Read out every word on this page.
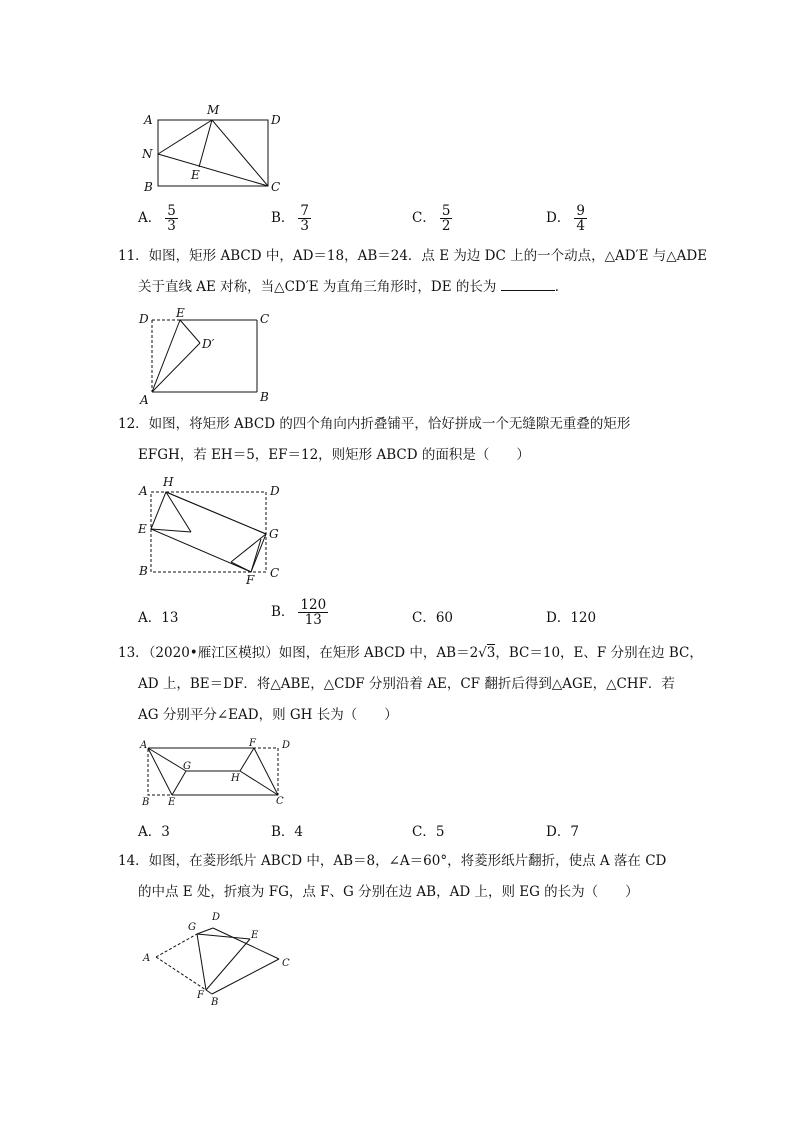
A
M
D
N
E
B	C
A． $\frac{5}{3}$	B． $\frac{7}{3}$	C． $\frac{5}{2}$	D． $\frac{9}{4}$
11．如图，矩形 ABCD 中，AD＝18，AB＝24．点 E 为边 DC 上的一个动点，△AD′E 与△ADE
关于直线 AE 对称，当△CD′E 为直角三角形时，DE 的长为	．
D E	C
D′
A	B
12．如图，将矩形 ABCD 的四个角向内折叠铺平，恰好拼成一个无缝隙无重叠的矩形
EFGH，若 EH＝5，EF＝12，则矩形 ABCD 的面积是（　　）
A
H
D
E	G
B
F C
A．13	B． $\frac{120}{13}$	C．60	D．120
13．（2020•雁江区模拟）如图，在矩形 ABCD 中，AB＝2√3，BC＝10，E、F 分别在边 BC，
AD 上，BE＝DF．将△ABE，△CDF 分别沿着 AE，CF 翻折后得到△AGE，△CHF．若
AG 分别平分∠EAD，则 GH 长为（　　）
A	F	D
G
H
B E	C
A．3	B．4	C．5	D．7
14．如图，在菱形纸片 ABCD 中，AB＝8，∠A＝60°，将菱形纸片翻折，使点 A 落在 CD
的中点 E 处，折痕为 FG，点 F、G 分别在边 AB，AD 上，则 EG 的长为（　　）
G
D
E
A	C
F
B
